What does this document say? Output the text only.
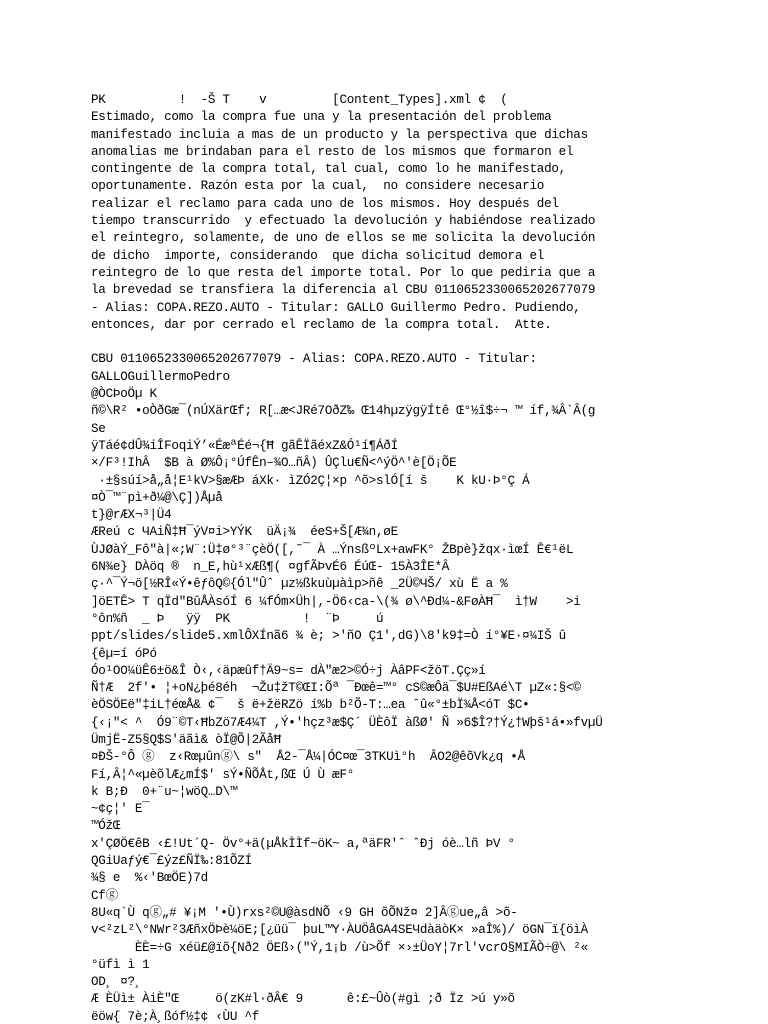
PK          !  -Š T    v         [Content_Types].xml ¢  (
Estimado, como la compra fue una y la presentación del problema
manifestado incluia a mas de un producto y la perspectiva que dichas
anomalias me brindaban para el resto de los mismos que formaron el
contingente de la compra total, tal cual, como lo he manifestado,
oportunamente. Razón esta por la cual,  no considere necesario
realizar el reclamo para cada uno de los mismos. Hoy después del
tiempo transcurrido  y efectuado la devolución y habiéndose realizado
el reintegro, solamente, de uno de ellos se me solicita la devolución
de dicho  importe, considerando  que dicha solicitud demora el
reintegro de lo que resta del importe total. Por lo que pediria que a
la brevedad se transfiera la diferencia al CBU 0110652330065202677079
- Alias: COPA.REZO.AUTO - Titular: GALLO Guillermo Pedro. Pudiendo,
entonces, dar por cerrado el reclamo de la compra total.  Atte.
CBU 0110652330065202677079 - Alias: COPA.REZO.AUTO - Titular:
GALLOGuillermoPedro
@ÒCÞoÖµ K
ñ©\R² •oÒðGæ¯(nÚXärŒf; R[…æ<JRé7OðZ‰ Œ14hµzÿgÿÍtê Œ°½î$÷¬ ™ íf,¾Â`Â(g
Se
ÿTáé¢dÛ¾iÎFoqiÝ’«ÉæªÉé¬{Ħ gãÊÏãéxZ&Ó¹í¶ÁðÍ
×/F³!IhÂ  $B à Ø%Ô¡°ÚfÊn–¾O…ñÂ) ÛÇlu€Ñ<^ýÖ^'è[Ö¡ÕE
·±§súí>å„å¦E¹kV>§æÆÞ áXk· ìZÓ2Ç¦×p ^õ>slÓ[í š    K kU·Þ°Ç Á
¤Ò¯™¨pì+ð¼@\Ç])Åµå
t}@rÆX¬³|Ü4
ÆReú c ЧAiÑ‡Ħ¯ýV¤i>YÝK  üÄ¡¾  éeS+Š[Æ¾n,øE
ÙJØàÝ_Fô"à|«;W¨:Ü‡ø°³¨çèÖ([,˜¯ À …ÝnsßºLx+awFK° ŽBpè}žqx·ìœÍ Ê€¹ëL
6N¾e} DÀöq ®  n_E,hù¹xÆß¶( ¤gfÃÞvÉ6 ÉúŒ- 15À3ÎE*Â
ç·^¯Ý¬ö[½RÎ«Ý•êƒôQ©{Ól"Ûˆ µz½ßkuùµàìp>ñê _2Ü©ЧŠ/ xù Ë a %
]öETÊ> T qÏd"BûÅÀsóÍ 6 ¼fÓm×Üh|,-Ö6‹ca-\(¾ ø\^Ðd¼-&FøÀĦ¯  ì†W    >i
°ôn%ñ  _ Þ   ÿÿ  PK          !  ¨Þ     ú
ppt/slides/slide5.xmlÔXÍnã6 ¾ è; >'ñO Ç1',dG)\8'k9‡=Ò í°¥E·¤¼IŠ û
{êµ=í óPó
Óo¹OO¼üÊ6±ö&Î Ò‹,‹äpæûf†Ä9~s= dÀ"æ2>©Ó÷j ÀâPF<žöT.Çç»í
Ñ†Æ  2f'• ¦+oN¿þé8éh  ¬Žu‡žT©ŒI:Õª ¯Ðœê=™° cS©æÔä¯$U#EßAé\T µZ«:§<©
èÖSÖEë"‡iL†éœÅ& ¢¯  š ë+žëRZö í%b b²Õ-T:…ea ˆû«°±bÏ¾Å<óT $C•
{‹¡"< ^  Ó9¨©T‹ĦbZö7Æ4¼T ,Ý•'hçz³æ$Ç´ ÜÈôÏ àßØ' Ñ »6$Î?†Ý¿†Wþš¹á•»fvµÜ
ÜmjË-Z5§Q$S'äãì& òÏ@Õ|2ÃåĦ
¤ÐŠ-°Ô ⓖ  z‹Rœµûnⓖ\ s"  Å2-¯Å¼|ÓC¤œ¯3TKUì°h  ÂO2@êõVk¿q •Å
Fí,Â¦^«µèõlÆ¿mÍ$' sÝ•ÑÕÅt,ßŒ Ú Ù æF°
k B;Ð  0+¨u~¦wöQ…D\™
~¢ç¦' E¯
™ÓžŒ
x'ÇØÖ€êB ‹£!Ut´Q- Öv°+ä(µÅkÌÌf~öK~ a,ªäFR'ˆ ˆÐj óè…lñ ÞV °
QGiUaƒý€¯£ýz£ÑÏ‰:81ÕZÍ
¾§ e  %‹'BœÖE)7d
Cfⓖ
8U«q`Ù qⓖ„# ¥¡M '•Ù)rxs²©U@àsdNÕ ‹9 GH õÕNž¤ 2]Âⓖue„â >õ-
v<²zL²\°NWr²3ÆñxÖÞè¼öE;[¿üü¯ þuL™Y·ÀUÖåGA4SEЧdàäòK× »aÎ%)/ öGN¯ï{öìÀ
ÈÈ=÷G xéü£@ïõ{Nð2 ÖEß›("Ý,1¡b /ù>Õf ×›±ÜoY¦7rl'vcrO§MIÃÒ÷@\ ²«
°üfì ì 1
OD¸ ¤?¸
Æ ÈÜì± ÀiÈ"Œ     ö(zK#l·ðÂ€ 9      ê:£~Ûò(#gì ;ð Ïz >ú y»õ
ëöw{ 7è;À¸ßóf½‡¢ ‹ÙU ^f
